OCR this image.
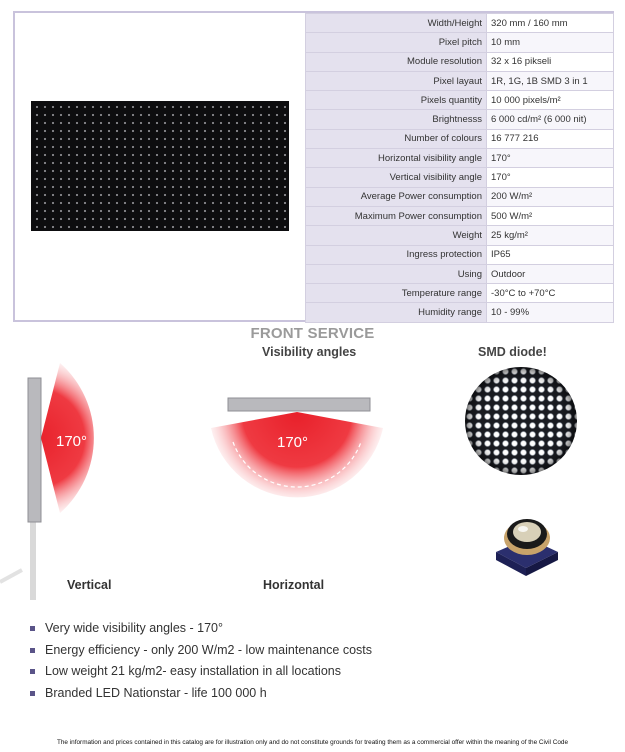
Width/Height	320 mm / 160 mm
Pixel pitch	10 mm
Module resolution	32 x 16 pikseli
Pixel layaut	1R, 1G, 1B SMD 3 in 1
Pixels quantity	10 000 pixels/m²
Brightnesss	6 000 cd/m² (6 000 nit)
Number of colours	16 777 216
Horizontal visibility angle	170°
Vertical visibility angle	170°
Average Power consumption	200 W/m²
Maximum Power consumption	500 W/m²
Weight	25 kg/m²
Ingress protection	IP65
Using	Outdoor
Temperature range	-30°C to +70°C
Humidity range	10 - 99%
FRONT SERVICE
Visibility angles	SMD diode!
170°	170°
Vertical	Horizontal
Very wide visibility angles - 170°
Energy efficiency - only 200 W/m2 - low maintenance costs
Low weight 21 kg/m2- easy installation in all locations
Branded LED Nationstar - life 100 000 h
The information and prices contained in this catalog are for illustration only and do not constitute grounds for treating them as a commercial offer within the meaning of the Civil Code
